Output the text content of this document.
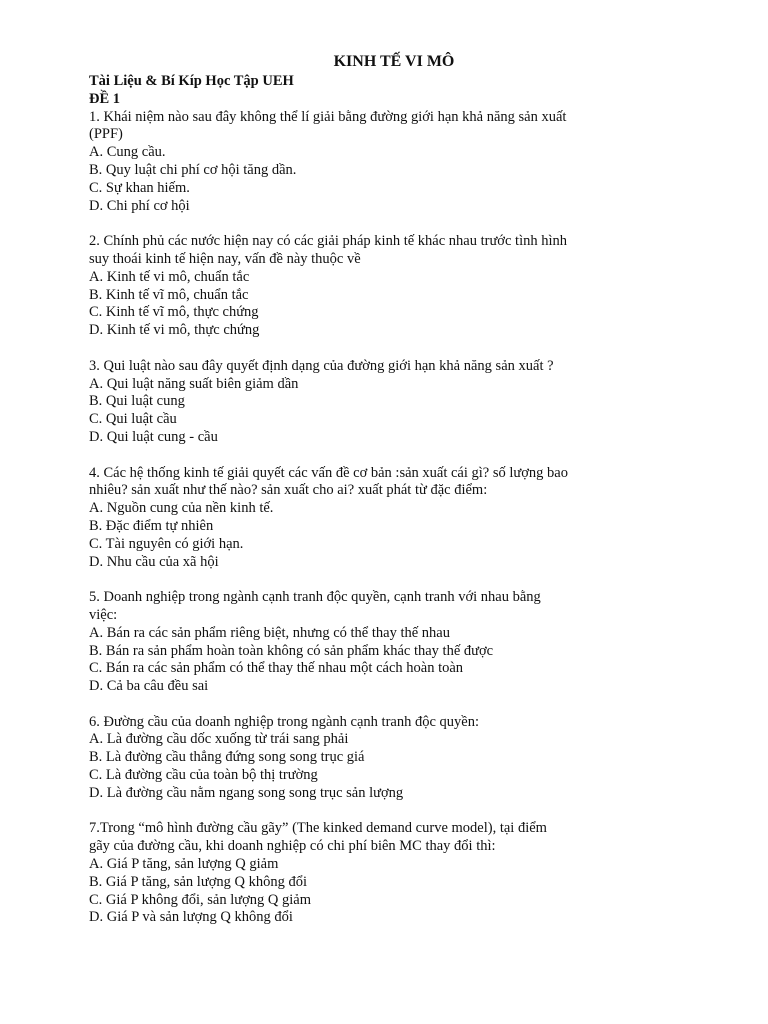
KINH TẾ VI MÔ
Tài Liệu & Bí Kíp Học Tập UEH
ĐỀ 1
1. Khái niệm nào sau đây không thể lí giải bằng đường giới hạn khả năng sản xuất (PPF)
A. Cung cầu.
B. Quy luật chi phí cơ hội tăng dần.
C. Sự khan hiếm.
D. Chi phí cơ hội
2. Chính phủ các nước hiện nay có các giải pháp kinh tế khác nhau trước tình hình suy thoái kinh tế hiện nay, vấn đề này thuộc về
A. Kinh tế vi mô, chuẩn tắc
B. Kinh tế vĩ mô, chuẩn tắc
C. Kinh tế vĩ mô, thực chứng
D. Kinh tế vi mô, thực chứng
3. Qui luật nào sau đây quyết định dạng của đường giới hạn khả năng sản xuất ?
A. Qui luật năng suất biên giảm dần
B. Qui luật cung
C. Qui luật cầu
D. Qui luật cung - cầu
4. Các hệ thống kinh tế giải quyết các vấn đề cơ bản :sản xuất cái gì? số lượng bao nhiêu? sản xuất như thế nào? sản xuất cho ai? xuất phát từ đặc điểm:
A. Nguồn cung của nền kinh tế.
B. Đặc điểm tự nhiên
C. Tài nguyên có giới hạn.
D. Nhu cầu của xã hội
5. Doanh nghiệp trong ngành cạnh tranh độc quyền, cạnh tranh với nhau bằng việc:
A. Bán ra các sản phẩm riêng biệt, nhưng có thể thay thế nhau
B. Bán ra sản phẩm hoàn toàn không có sản phẩm khác thay thế được
C. Bán ra các sản phẩm có thể thay thế nhau một cách hoàn toàn
D. Cả ba câu đều sai
6. Đường cầu của doanh nghiệp trong ngành cạnh tranh độc quyền:
A. Là đường cầu dốc xuống từ trái sang phải
B. Là đường cầu thẳng đứng song song trục giá
C. Là đường cầu của toàn bộ thị trường
D. Là đường cầu nằm ngang song song trục sản lượng
7.Trong “mô hình đường cầu gãy” (The kinked demand curve model), tại điểm gãy của đường cầu, khi doanh nghiệp có chi phí biên MC thay đổi thì:
A. Giá P tăng, sản lượng Q giảm
B. Giá P tăng, sản lượng Q không đổi
C. Giá P không đổi, sản lượng Q giảm
D. Giá P và sản lượng Q không đổi
